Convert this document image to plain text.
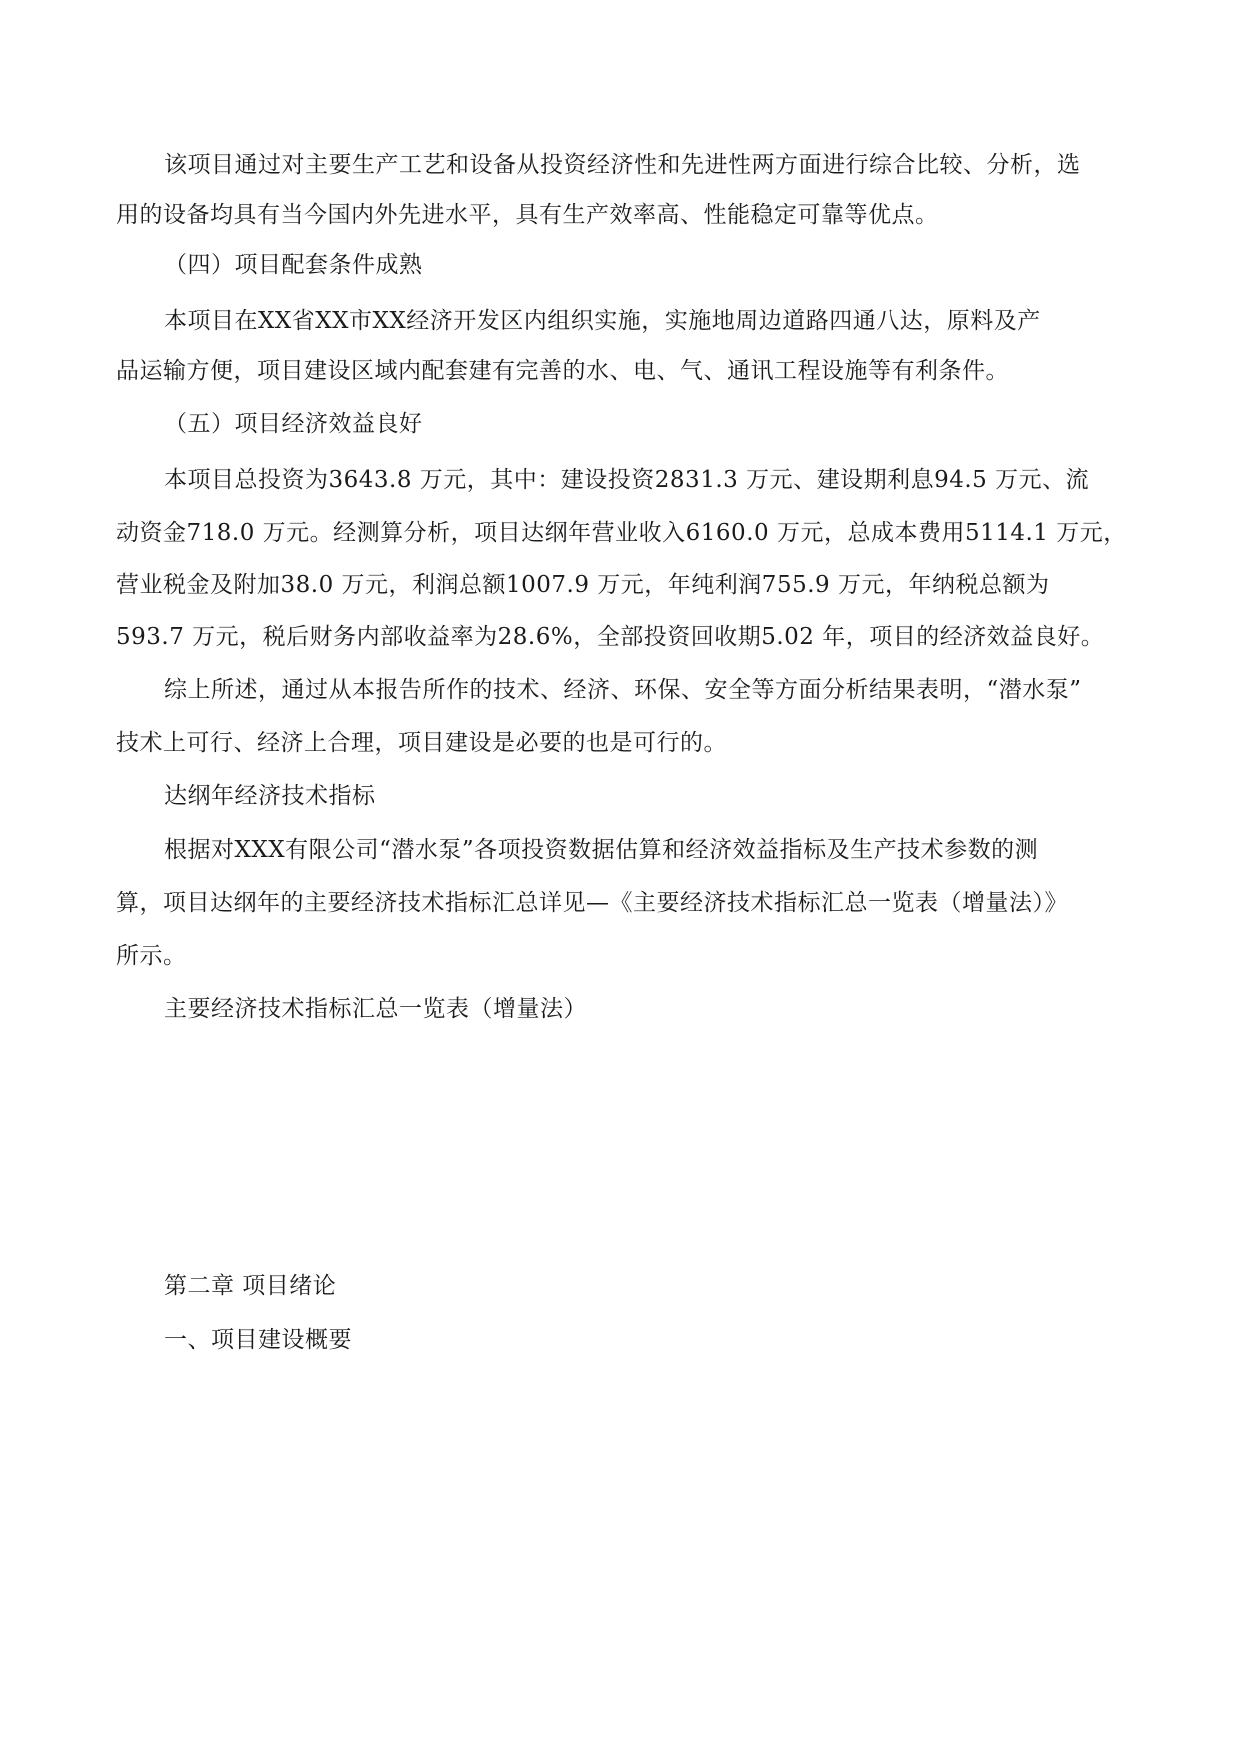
该项目通过对主要生产工艺和设备从投资经济性和先进性两方面进行综合比较、分析，选
用的设备均具有当今国内外先进水平，具有生产效率高、性能稳定可靠等优点。
（四）项目配套条件成熟
本项目在XX省XX市XX经济开发区内组织实施，实施地周边道路四通八达，原料及产
品运输方便，项目建设区域内配套建有完善的水、电、气、通讯工程设施等有利条件。
（五）项目经济效益良好
本项目总投资为3643.8 万元，其中：建设投资2831.3 万元、建设期利息94.5 万元、流
动资金718.0 万元。经测算分析，项目达纲年营业收入6160.0 万元，总成本费用5114.1 万元，
营业税金及附加38.0 万元，利润总额1007.9 万元，年纯利润755.9 万元，年纳税总额为
593.7 万元，税后财务内部收益率为28.6%，全部投资回收期5.02 年，项目的经济效益良好。
综上所述，通过从本报告所作的技术、经济、环保、安全等方面分析结果表明，“潜水泵”
技术上可行、经济上合理，项目建设是必要的也是可行的。
达纲年经济技术指标
根据对XXX有限公司“潜水泵”各项投资数据估算和经济效益指标及生产技术参数的测
算，项目达纲年的主要经济技术指标汇总详见—《主要经济技术指标汇总一览表（增量法）》
所示。
主要经济技术指标汇总一览表（增量法）
第二章 项目绪论
一、项目建设概要
